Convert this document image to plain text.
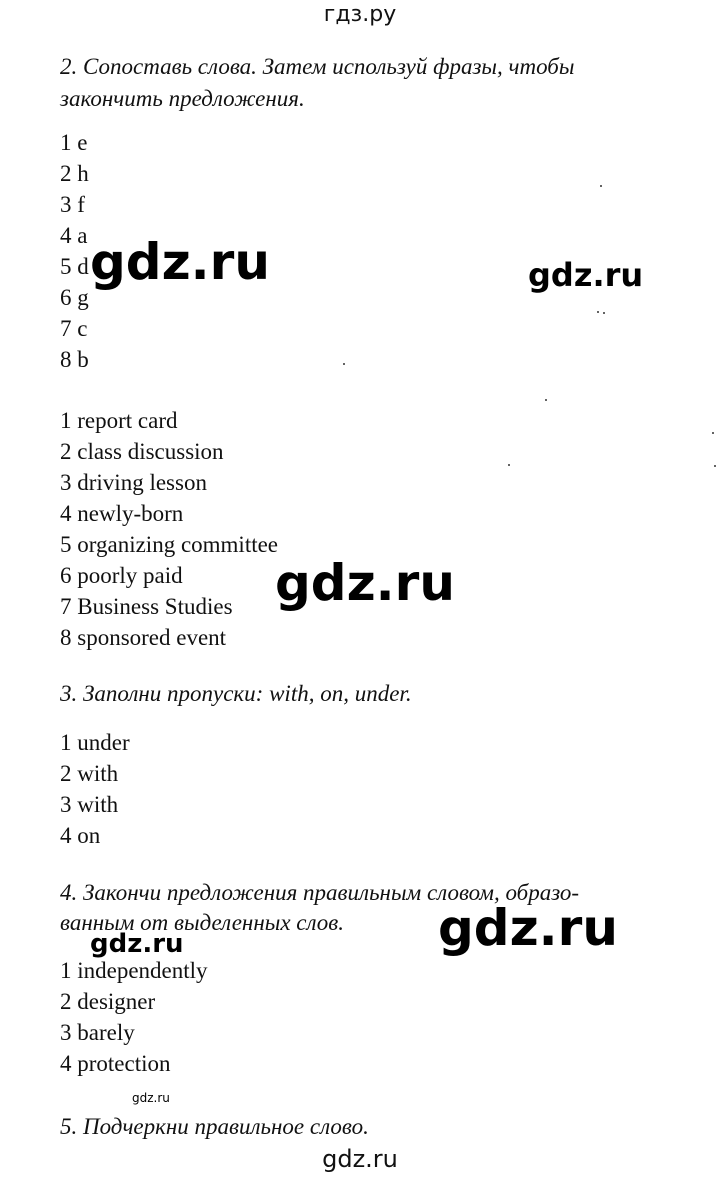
гдз.ру
2. Сопоставь слова. Затем используй фразы, чтобы
закончить предложения.
1 e
2 h
3 f
4 a
5 d
6 g
7 c
8 b
1 report card
2 class discussion
3 driving lesson
4 newly-born
5 organizing committee
6 poorly paid
7 Business Studies
8 sponsored event
3. Заполни пропуски: with, on, under.
1 under
2 with
3 with
4 on
4. Закончи предложения правильным словом, образо-
ванным от выделенных слов.
1 independently
2 designer
3 barely
4 protection
5. Подчеркни правильное слово.
gdz.ru	gdz.ru
gdz.ru
gdz.ru
gdz.ru
gdz.ru
gdz.ru
